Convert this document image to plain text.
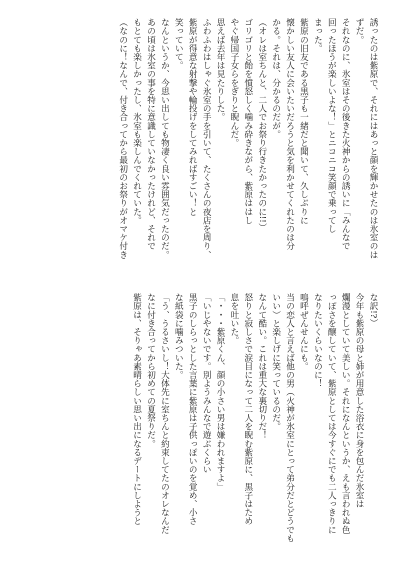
誘ったのは紫原で、それにはあっと顔を輝かせたのは氷室のは
ずだ。
それなのに、氷室はその後きた火神からの誘いに「みんなで
回ったほうが楽しいよな！」とニコニコ笑顔で乗ってし
まった。
紫原の旧友である黒子も一緒だと聞いて、久しぶりに
懐かしい友人に会いたいだろうと気を利かせてくれたのは分
かる。それは、分かるのだが。
（オレは室ちんと、二人でお祭り行きたかったのに!!）
ゴリゴリと飴を憤怒しく噛み砕きながら、紫原ははし
やぐ帰国子女らをぎりと睨んだ。
思えば去年は見たりした。
ふわふわはしゃぐ氷室の手を引いて、たくさんの夜店を周り、
紫原が得意な射撃や輪投げをしてみればすごい！と
笑っていて。
なんというか、今思い出しても物凄く良い雰囲気だったのだ。
あの頃は氷室の事を特に意識していなかったけれど、それで
もとても楽しかったし、氷室も楽しんでくれていた。
（なのに！なんで、付き合ってから最初のお祭りがオマケ付き
な訳!?）
今年も紫原の母と姉が用意した浴衣に身を包んだ氷室は
爛漫としていて美しい。それになんというか、えも言われぬ色
っぽさを醸していて、紫原としては今すぐにでも二人っきりに
なりたいくらいなのに！
鳴呼ぜんせんにも。
当の恋人と言えば他の男（火神が氷室にとって弟分だとどうでも
いい）と楽しげに笑っているのだ。
なんて酷い。これは重大な裏切りだ！
怒りと寂しさで涙目になって二人を睨む紫原に、黒子はため
息を吐いた。
「・・・紫原くん、顔の小さい男は嫌われますよ」
「いじやないです。別ようみんなで遊ぶくらい
黒子のしらっとした言葉に紫原は子供っぽいのを覚め、小さ
な紙袋に噛みついた。
「う、うるさいし！大体先に室ちんと約束してたのオレなんだ
なに付き合ってから初めての夏祭りだ。
紫原は、そりゃあ素晴らしい思い出になるデートにしようと
